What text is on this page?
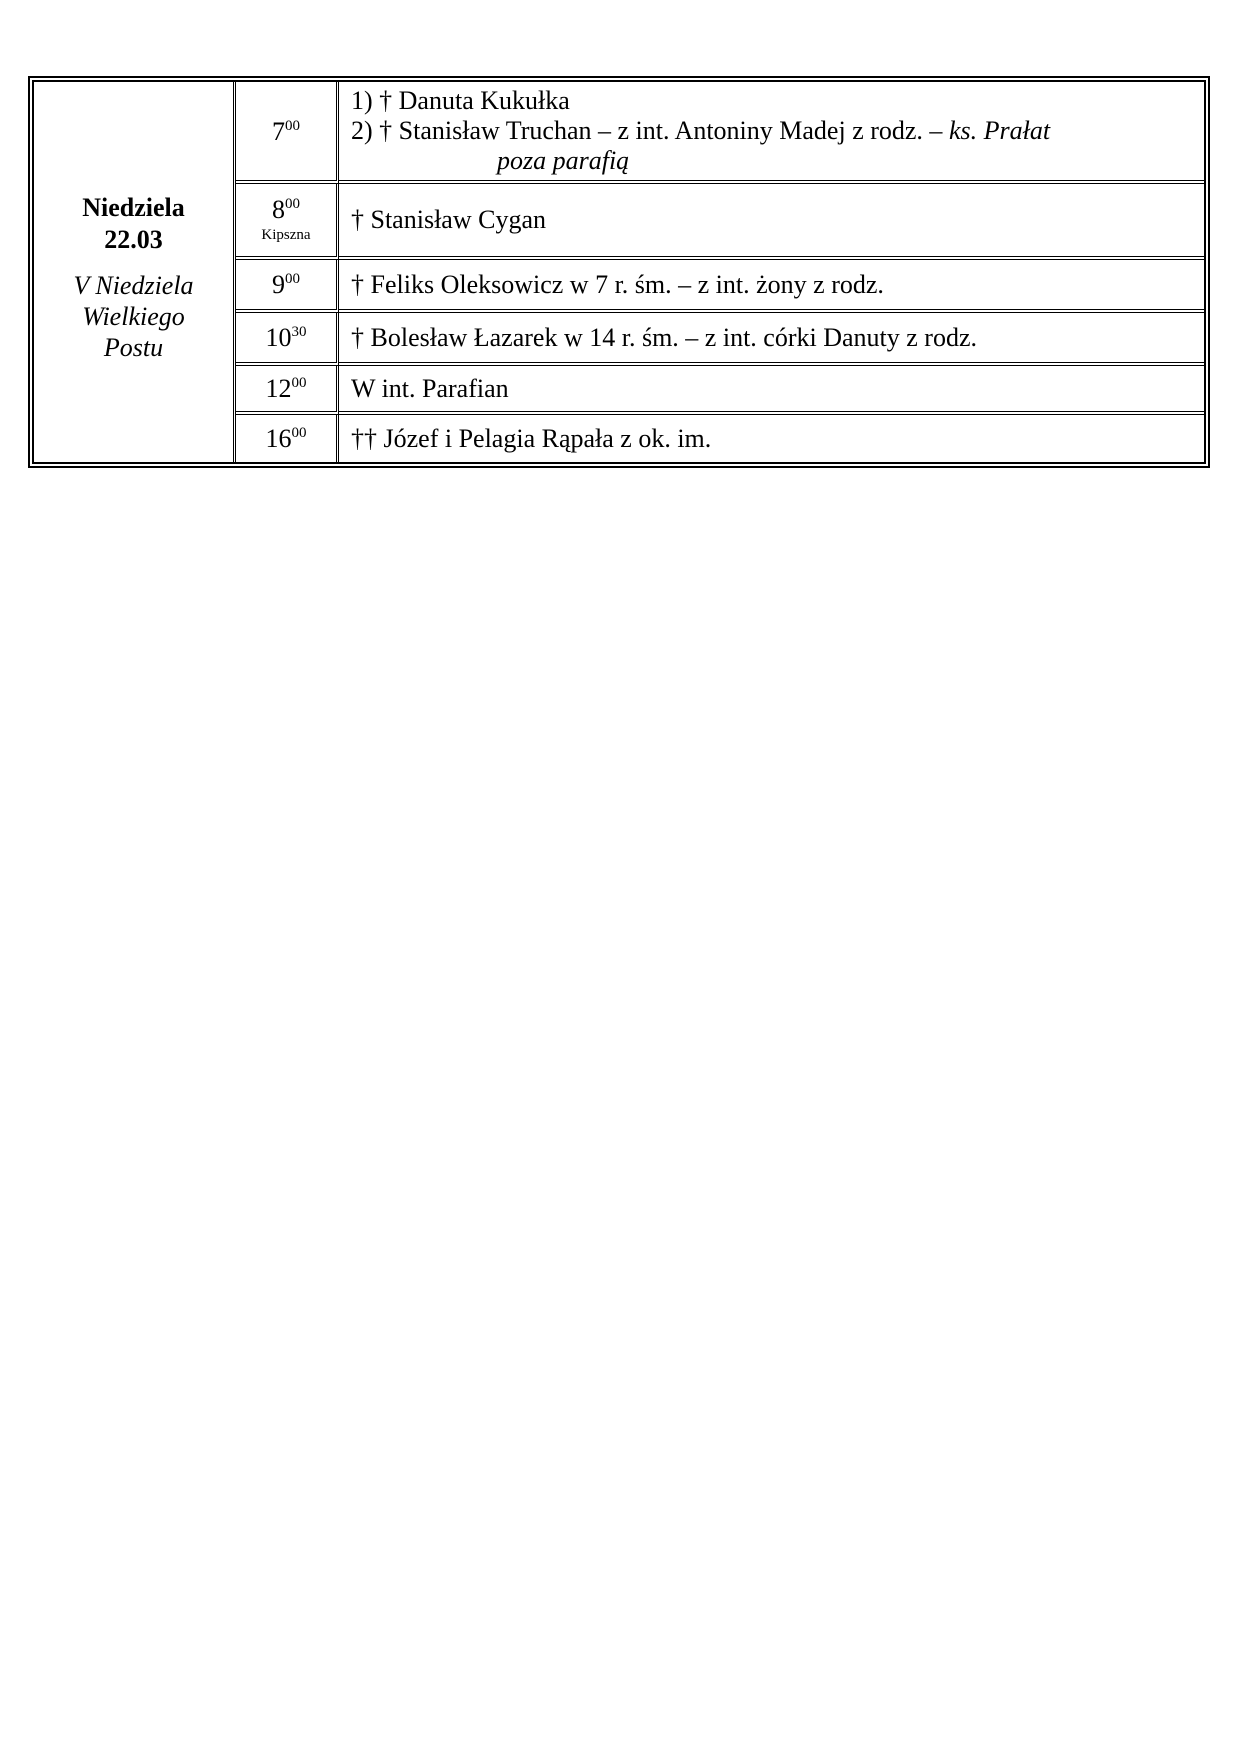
Niedziela
22.03
V Niedziela
Wielkiego
Postu
$7^{00}$
1) † Danuta Kukułka
2) † Stanisław Truchan – z int. Antoniny Madej z rodz. – ks. Prałat
poza parafią
$8^{00}$
Kipszna
† Stanisław Cygan
$9^{00}$ † Feliks Oleksowicz w 7 r. śm. – z int. żony z rodz.
$10^{30}$ † Bolesław Łazarek w 14 r. śm. – z int. córki Danuty z rodz.
$12^{00}$ W int. Parafian
$16^{00}$ †† Józef i Pelagia Rąpała z ok. im.
